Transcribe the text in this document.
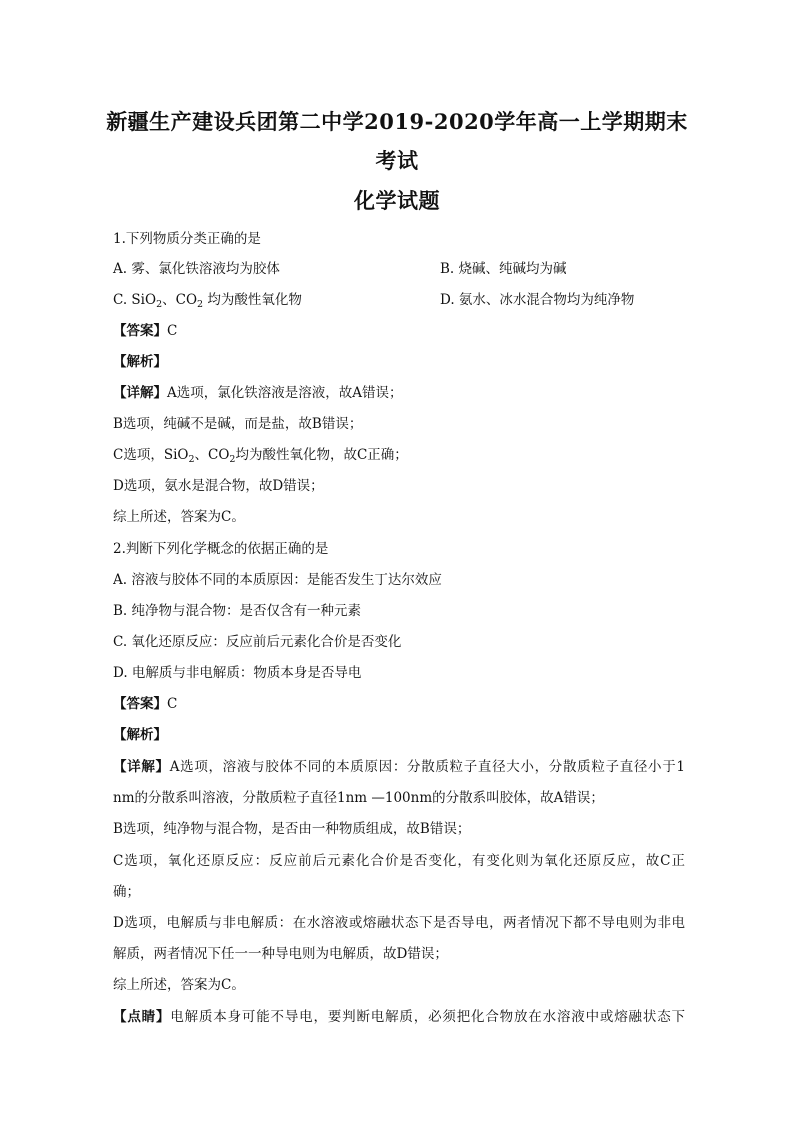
新疆生产建设兵团第二中学2019-2020学年高一上学期期末
考试
化学试题
1.下列物质分类正确的是
A. 雾、氯化铁溶液均为胶体	B. 烧碱、纯碱均为碱
C. SiO$_2$、$CO_2$ 均为酸性氧化物	D. 氨水、冰水混合物均为纯净物
【答案】C
【解析】
【详解】A选项，氯化铁溶液是溶液，故A错误；
B选项，纯碱不是碱，而是盐，故B错误；
C选项，SiO$_2$、$CO_2$均为酸性氧化物，故C正确；
D选项，氨水是混合物，故D错误；
综上所述，答案为C。
2.判断下列化学概念的依据正确的是
A. 溶液与胶体不同的本质原因：是能否发生丁达尔效应
B. 纯净物与混合物：是否仅含有一种元素
C. 氧化还原反应：反应前后元素化合价是否变化
D. 电解质与非电解质：物质本身是否导电
【答案】C
【解析】
【详解】A选项，溶液与胶体不同的本质原因：分散质粒子直径大小，分散质粒子直径小于1
nm的分散系叫溶液，分散质粒子直径1nm —100nm的分散系叫胶体，故A错误；
B选项，纯净物与混合物，是否由一种物质组成，故B错误；
C选项，氧化还原反应：反应前后元素化合价是否变化，有变化则为氧化还原反应，故C正
确；
D选项，电解质与非电解质：在水溶液或熔融状态下是否导电，两者情况下都不导电则为非电
解质，两者情况下任一一种导电则为电解质，故D错误；
综上所述，答案为C。
【点睛】电解质本身可能不导电，要判断电解质，必须把化合物放在水溶液中或熔融状态下
